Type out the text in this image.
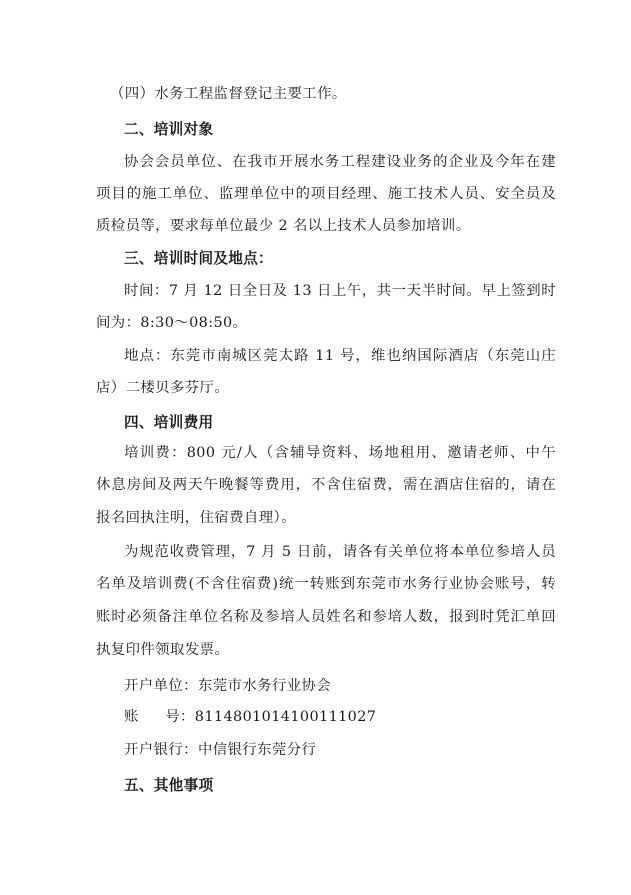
（四）水务工程监督登记主要工作。
二、培训对象
协会会员单位、在我市开展水务工程建设业务的企业及今年在建
项目的施工单位、监理单位中的项目经理、施工技术人员、安全员及
质检员等，要求每单位最少 2 名以上技术人员参加培训。
三、培训时间及地点：
时间：7 月 12 日全日及 13 日上午，共一天半时间。早上签到时
间为：8:30～08:50。
地点：东莞市南城区莞太路 11 号，维也纳国际酒店（东莞山庄
店）二楼贝多芬厅。
四、培训费用
培训费：800 元/人（含辅导资料、场地租用、邀请老师、中午
休息房间及两天午晚餐等费用，不含住宿费，需在酒店住宿的，请在
报名回执注明，住宿费自理）。
为规范收费管理，7 月 5 日前，请各有关单位将本单位参培人员
名单及培训费(不含住宿费)统一转账到东莞市水务行业协会账号，转
账时必须备注单位名称及参培人员姓名和参培人数，报到时凭汇单回
执复印件领取发票。
开户单位：东莞市水务行业协会
账号：8114801014100111027
开户银行：中信银行东莞分行
五、其他事项
